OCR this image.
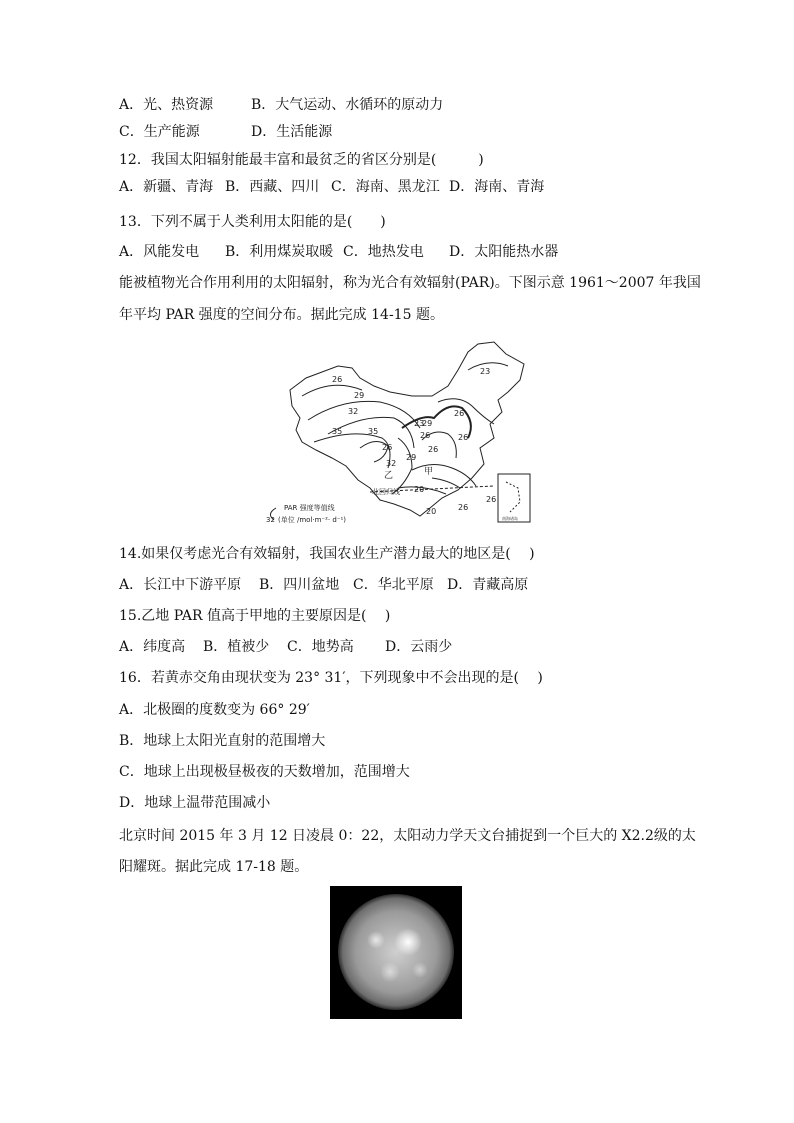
A．光、热资源	B．大气运动、水循环的原动力
C．生产能源	D．生活能源
12．我国太阳辐射能最丰富和最贫乏的省区分别是(　　　)
A．新疆、青海 B．西藏、四川 C．海南、黑龙江 D．海南、青海
13．下列不属于人类利用太阳能的是(　　)
A．风能发电 B．利用煤炭取暖 C．地热发电 D．太阳能热水器
能被植物光合作用利用的太阳辐射，称为光合有效辐射(PAR)。下图示意 1961～2007 年我国
年平均 PAR 强度的空间分布。据此完成 14-15 题。
26
29
32
35	35
32
29
26
26
23
26
23
29
26
26
20
26
20
26
甲
乙
北回归线
32
PAR 强度等值线
(单位 /mol·m⁻²· d⁻¹)	南海诸岛
14.如果仅考虑光合有效辐射，我国农业生产潜力最大的地区是(　 )
A．长江中下游平原 B．四川盆地 C．华北平原 D．青藏高原
15.乙地 PAR 值高于甲地的主要原因是(　 )
A．纬度高 B．植被少 C．地势高 D．云雨少
16．若黄赤交角由现状变为 23° 31′，下列现象中不会出现的是(　 )
A．北极圈的度数变为 66° 29′
B．地球上太阳光直射的范围增大
C．地球上出现极昼极夜的天数增加，范围增大
D．地球上温带范围减小
北京时间 2015 年 3 月 12 日凌晨 0：22，太阳动力学天文台捕捉到一个巨大的 X2.2级的太
阳耀斑。据此完成 17-18 题。
